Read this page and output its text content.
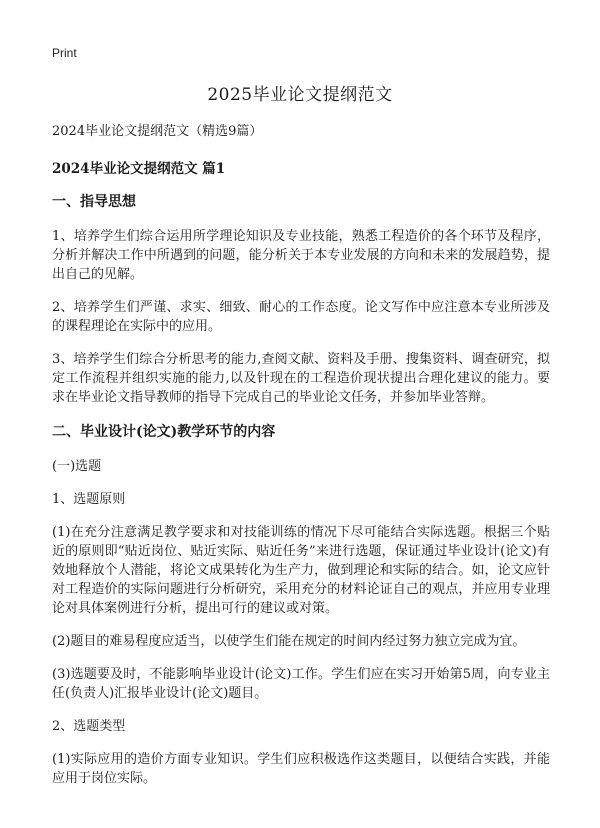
Print
2025毕业论文提纲范文

2024毕业论文提纲范文（精选9篇）

2024毕业论文提纲范文 篇1

一、指导思想

1、培养学生们综合运用所学理论知识及专业技能，熟悉工程造价的各个环节及程序，分析并解决工作中所遇到的问题，能分析关于本专业发展的方向和未来的发展趋势，提出自己的见解。

2、培养学生们严谨、求实、细致、耐心的工作态度。论文写作中应注意本专业所涉及的课程理论在实际中的应用。

3、培养学生们综合分析思考的能力,查阅文献、资料及手册、搜集资料、调查研究，拟定工作流程并组织实施的能力,以及针现在的工程造价现状提出合理化建议的能力。要求在毕业论文指导教师的指导下完成自己的毕业论文任务，并参加毕业答辩。

二、毕业设计(论文)教学环节的内容

(一)选题

1、选题原则

(1)在充分注意满足教学要求和对技能训练的情况下尽可能结合实际选题。根据三个贴近的原则即“贴近岗位、贴近实际、贴近任务”来进行选题，保证通过毕业设计(论文)有效地释放个人潜能，将论文成果转化为生产力，做到理论和实际的结合。如，论文应针对工程造价的实际问题进行分析研究，采用充分的材料论证自己的观点，并应用专业理论对具体案例进行分析，提出可行的建议或对策。

(2)题目的难易程度应适当，以使学生们能在规定的时间内经过努力独立完成为宜。

(3)选题要及时，不能影响毕业设计(论文)工作。学生们应在实习开始第5周，向专业主任(负责人)汇报毕业设计(论文)题目。

2、选题类型

(1)实际应用的造价方面专业知识。学生们应积极选作这类题目，以便结合实践，并能应用于岗位实际。
